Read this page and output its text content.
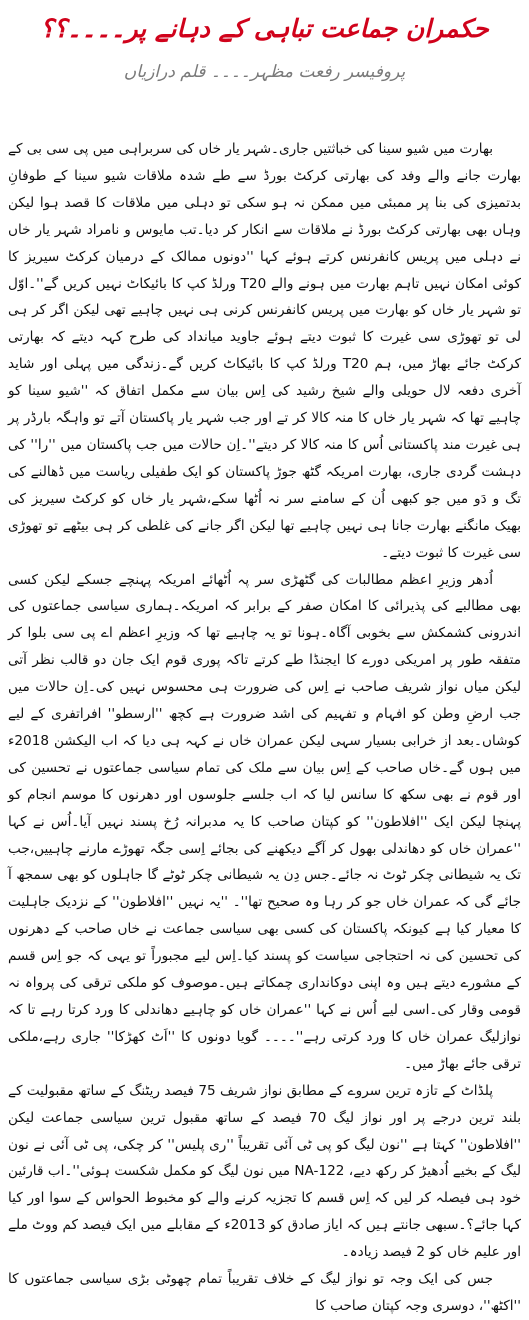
حکمران جماعت تباہی کے دہانے پر۔۔۔۔؟؟
پروفیسر رفعت مظہر۔۔۔۔ قلم درازیاں

بھارت میں شیو سینا کی خباثتیں جاری۔شہر یار خاں کی سربراہی میں پی سی بی کے بھارت جانے والے وفد کی بھارتی کرکٹ بورڈ سے طے شدہ ملاقات شیو سینا کے طوفانِ بدتمیزی کی بنا پر ممبئی میں ممکن نہ ہو سکی تو دہلی میں ملاقات کا قصد ہوا لیکن وہاں بھی بھارتی کرکٹ بورڈ نے ملاقات سے انکار کر دیا۔تب مایوس و نامراد شہر یار خاں نے دہلی میں پریس کانفرنس کرتے ہوئے کہا ''دونوں ممالک کے درمیان کرکٹ سیریز کا کوئی امکان نہیں تاہم بھارت میں ہونے والے T20 ورلڈ کپ کا بائیکاٹ نہیں کریں گے''۔اوّل تو شہر یار خاں کو بھارت میں پریس کانفرنس کرنی ہی نہیں چاہیے تھی لیکن اگر کر ہی لی تو تھوڑی سی غیرت کا ثبوت دیتے ہوئے جاوید میانداد کی طرح کہہ دیتے کہ بھارتی کرکٹ جائے بھاڑ میں، ہم T20 ورلڈ کپ کا بائیکاٹ کریں گے۔زندگی میں پہلی اور شاید آخری دفعہ لال حویلی والے شیخ رشید کی اِس بیان سے مکمل اتفاق کہ ''شیو سینا کو چاہیے تھا کہ شہر یار خاں کا منہ کالا کر تے اور جب شہر یار پاکستان آتے تو واہگہ بارڈر پر ہی غیرت مند پاکستانی اُس کا منہ کالا کر دیتے''۔اِن حالات میں جب پاکستان میں ''را'' کی دہشت گردی جاری، بھارت امریکہ گٹھ جوڑ پاکستان کو ایک طفیلی ریاست میں ڈھالنے کی تگ و دَو میں جو کبھی اُن کے سامنے سر نہ اُٹھا سکے،شہر یار خاں کو کرکٹ سیریز کی بھیک مانگنے بھارت جانا ہی نہیں چاہیے تھا لیکن اگر جانے کی غلطی کر ہی بیٹھے تو تھوڑی سی غیرت کا ثبوت دیتے۔

اُدھر وزیرِ اعظم مطالبات کی گٹھڑی سر پہ اُٹھائے امریکہ پہنچے جسکے لیکن کسی بھی مطالبے کی پذیرائی کا امکان صفر کے برابر کہ امریکہ۔ہماری سیاسی جماعتوں کی اندرونی کشمکش سے بخوبی آگاہ۔ہونا تو یہ چاہیے تھا کہ وزیرِ اعظم اے پی سی بلوا کر متفقہ طور پر امریکی دورے کا ایجنڈا طے کرتے تاکہ پوری قوم ایک جان دو قالب نظر آتی لیکن میاں نواز شریف صاحب نے اِس کی ضرورت ہی محسوس نہیں کی۔اِن حالات میں جب ارضِ وطن کو افہام و تفہیم کی اشد ضرورت ہے کچھ ''ارسطو'' افراتفری کے لیے کوشاں۔بعد از خرابی بسیار سہی لیکن عمران خاں نے کہہ ہی دیا کہ اب الیکشن 2018ء میں ہوں گے۔خاں صاحب کے اِس بیان سے ملک کی تمام سیاسی جماعتوں نے تحسین کی اور قوم نے بھی سکھ کا سانس لیا کہ اب جلسے جلوسوں اور دھرنوں کا موسم انجام کو پہنچا لیکن ایک ''افلاطون'' کو کپتان صاحب کا یہ مدبرانہ رُخ پسند نہیں آیا۔اُس نے کہا ''عمران خاں کو دھاندلی بھول کر آگے دیکھنے کی بجائے اِسی جگہ تھوڑے مارنے چاہییں،جب تک یہ شیطانی چکر ٹوٹ نہ جائے۔جس دِن یہ شیطانی چکر ٹوٹے گا جاہلوں کو بھی سمجھ آ جائے گی کہ عمران خاں جو کر رہا وہ صحیح تھا''۔ ''یہ نہیں ''افلاطون'' کے نزدیک جاہلیت کا معیار کیا ہے کیونکہ پاکستان کی کسی بھی سیاسی جماعت نے خاں صاحب کے دھرنوں کی تحسین کی نہ احتجاجی سیاست کو پسند کیا۔اِس لیے مجبوراً تو یہی کہ جو اِس قسم کے مشورے دیتے ہیں وہ اپنی دوکانداری چمکاتے ہیں۔موصوف کو ملکی ترقی کی پرواہ نہ قومی وقار کی۔اسی لیے اُس نے کہا ''عمران خاں کو چاہیے دھاندلی کا ورد کرتا رہے تا کہ نوازلیگ عمران خاں کا ورد کرتی رہے''۔۔۔۔ گویا دونوں کا ''اَٹ کھڑکا'' جاری رہے،ملکی ترقی جائے بھاڑ میں۔

پلڈاٹ کے تازہ ترین سروے کے مطابق نواز شریف 75 فیصد ریٹنگ کے ساتھ مقبولیت کے بلند ترین درجے پر اور نواز لیگ 70 فیصد کے ساتھ مقبول ترین سیاسی جماعت لیکن ''افلاطون'' کہتا ہے ''نون لیگ کو پی ٹی آئی تقریباً ''ری پلیس'' کر چکی، پی ٹی آئی نے نون لیگ کے بخیے اُدھیڑ کر رکھ دیے، NA-122 میں نون لیگ کو مکمل شکست ہوئی''۔اب قارئین خود ہی فیصلہ کر لیں کہ اِس قسم کا تجزیہ کرنے والے کو مخبوط الحواس کے سوا اور کیا کہا جائے؟۔سبھی جانتے ہیں کہ ایاز صادق کو 2013ء کے مقابلے میں ایک فیصد کم ووٹ ملے اور علیم خاں کو 2 فیصد زیادہ۔

جس کی ایک وجہ تو نواز لیگ کے خلاف تقریباً تمام چھوٹی بڑی سیاسی جماعتوں کا ''اکٹھ''، دوسری وجہ کپتان صاحب کا
